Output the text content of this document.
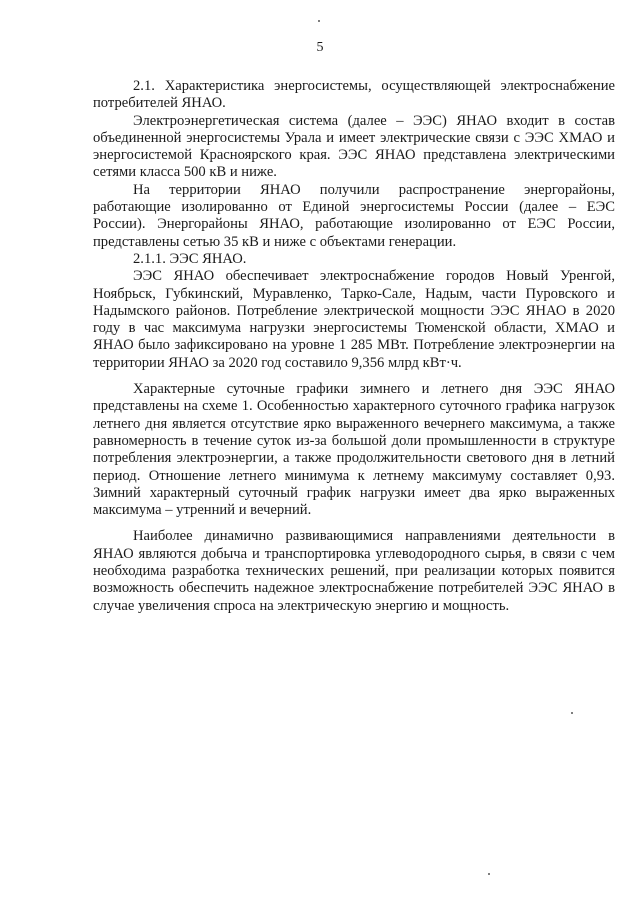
5

2.1. Характеристика энергосистемы, осуществляющей электроснабжение потребителей ЯНАО.

Электроэнергетическая система (далее – ЭЭС) ЯНАО входит в состав объединенной энергосистемы Урала и имеет электрические связи с ЭЭС ХМАО и энергосистемой Красноярского края. ЭЭС ЯНАО представлена электрическими сетями класса 500 кВ и ниже.

На территории ЯНАО получили распространение энергорайоны, работающие изолированно от Единой энергосистемы России (далее – ЕЭС России). Энергорайоны ЯНАО, работающие изолированно от ЕЭС России, представлены сетью 35 кВ и ниже с объектами генерации.

2.1.1. ЭЭС ЯНАО.

ЭЭС ЯНАО обеспечивает электроснабжение городов Новый Уренгой, Ноябрьск, Губкинский, Муравленко, Тарко-Сале, Надым, части Пуровского и Надымского районов. Потребление электрической мощности ЭЭС ЯНАО в 2020 году в час максимума нагрузки энергосистемы Тюменской области, ХМАО и ЯНАО было зафиксировано на уровне 1 285 МВт. Потребление электроэнергии на территории ЯНАО за 2020 год составило 9,356 млрд кВт·ч.

Характерные суточные графики зимнего и летнего дня ЭЭС ЯНАО представлены на схеме 1. Особенностью характерного суточного графика нагрузок летнего дня является отсутствие ярко выраженного вечернего максимума, а также равномерность в течение суток из-за большой доли промышленности в структуре потребления электроэнергии, а также продолжительности светового дня в летний период. Отношение летнего минимума к летнему максимуму составляет 0,93. Зимний характерный суточный график нагрузки имеет два ярко выраженных максимума – утренний и вечерний.

Наиболее динамично развивающимися направлениями деятельности в ЯНАО являются добыча и транспортировка углеводородного сырья, в связи с чем необходима разработка технических решений, при реализации которых появится возможность обеспечить надежное электроснабжение потребителей ЭЭС ЯНАО в случае увеличения спроса на электрическую энергию и мощность.
